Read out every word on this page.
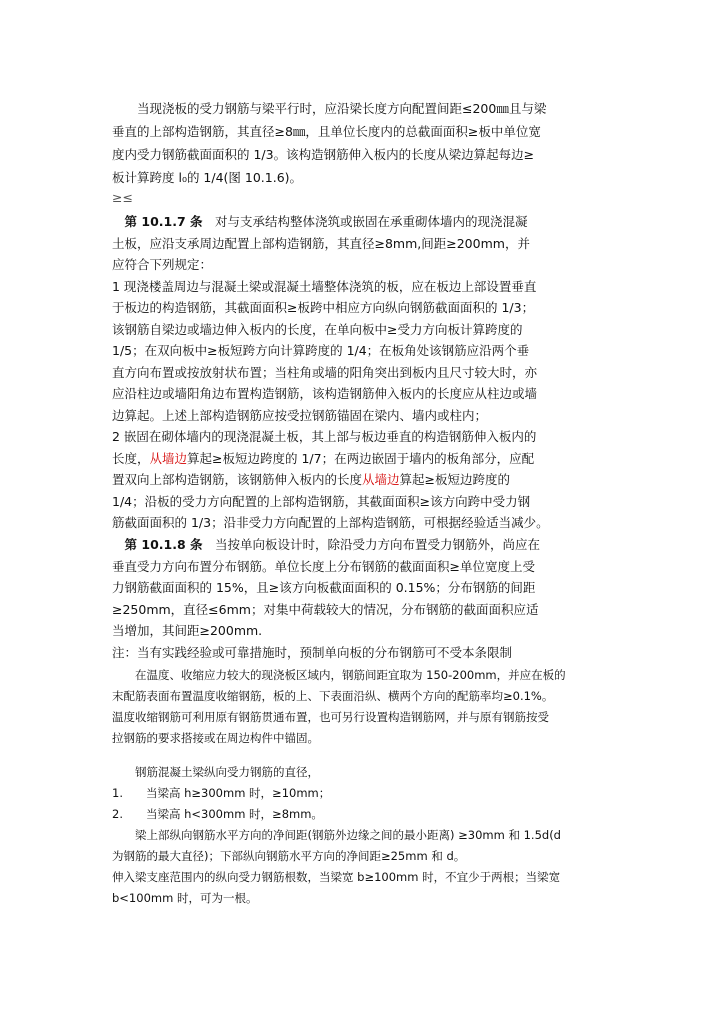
　　当现浇板的受力钢筋与梁平行时，应沿梁长度方向配置间距≤200㎜且与梁
垂直的上部构造钢筋，其直径≥8㎜，且单位长度内的总截面面积≥板中单位宽
度内受力钢筋截面面积的 1/3。该构造钢筋伸入板内的长度从梁边算起每边≥
板计算跨度 l₀的 1/4(图 10.1.6)。
≥≤
　第 10.1.7 条　对与支承结构整体浇筑或嵌固在承重砌体墙内的现浇混凝
土板，应沿支承周边配置上部构造钢筋，其直径≥8mm,间距≥200mm，并
应符合下列规定：
1 现浇楼盖周边与混凝土梁或混凝土墙整体浇筑的板，应在板边上部设置垂直
于板边的构造钢筋，其截面面积≥板跨中相应方向纵向钢筋截面面积的 1/3；
该钢筋自梁边或墙边伸入板内的长度，在单向板中≥受力方向板计算跨度的
1/5；在双向板中≥板短跨方向计算跨度的 1/4；在板角处该钢筋应沿两个垂
直方向布置或按放射状布置；当柱角或墙的阳角突出到板内且尺寸较大时，亦
应沿柱边或墙阳角边布置构造钢筋，该构造钢筋伸入板内的长度应从柱边或墙
边算起。上述上部构造钢筋应按受拉钢筋锚固在梁内、墙内或柱内；
2 嵌固在砌体墙内的现浇混凝土板，其上部与板边垂直的构造钢筋伸入板内的
长度，从墙边算起≥板短边跨度的 1/7；在两边嵌固于墙内的板角部分，应配
置双向上部构造钢筋，该钢筋伸入板内的长度从墙边算起≥板短边跨度的
1/4；沿板的受力方向配置的上部构造钢筋，其截面面积≥该方向跨中受力钢
筋截面面积的 1/3；沿非受力方向配置的上部构造钢筋，可根据经验适当减少。
　第 10.1.8 条　当按单向板设计时，除沿受力方向布置受力钢筋外，尚应在
垂直受力方向布置分布钢筋。单位长度上分布钢筋的截面面积≥单位宽度上受
力钢筋截面面积的 15%，且≥该方向板截面面积的 0.15%；分布钢筋的间距
≥250mm，直径≤6mm；对集中荷载较大的情况，分布钢筋的截面面积应适
当增加，其间距≥200mm.
注：当有实践经验或可靠措施时，预制单向板的分布钢筋可不受本条限制
　　在温度、收缩应力较大的现浇板区域内，钢筋间距宜取为 150-200mm，并应在板的
末配筋表面布置温度收缩钢筋，板的上、下表面沿纵、横两个方向的配筋率均≥0.1%。
温度收缩钢筋可利用原有钢筋贯通布置，也可另行设置构造钢筋网，并与原有钢筋按受
拉钢筋的要求搭接或在周边构件中锚固。
　　钢筋混凝土梁纵向受力钢筋的直径，
1.　　当梁高 h≥300mm 时，≥10mm；
2.　　当梁高 h<300mm 时，≥8mm。
　　梁上部纵向钢筋水平方向的净间距(钢筋外边缘之间的最小距离) ≥30mm 和 1.5d(d
为钢筋的最大直径)；下部纵向钢筋水平方向的净间距≥25mm 和 d。
伸入梁支座范围内的纵向受力钢筋根数，当梁宽 b≥100mm 时，不宜少于两根；当梁宽
b<100mm 时，可为一根。
